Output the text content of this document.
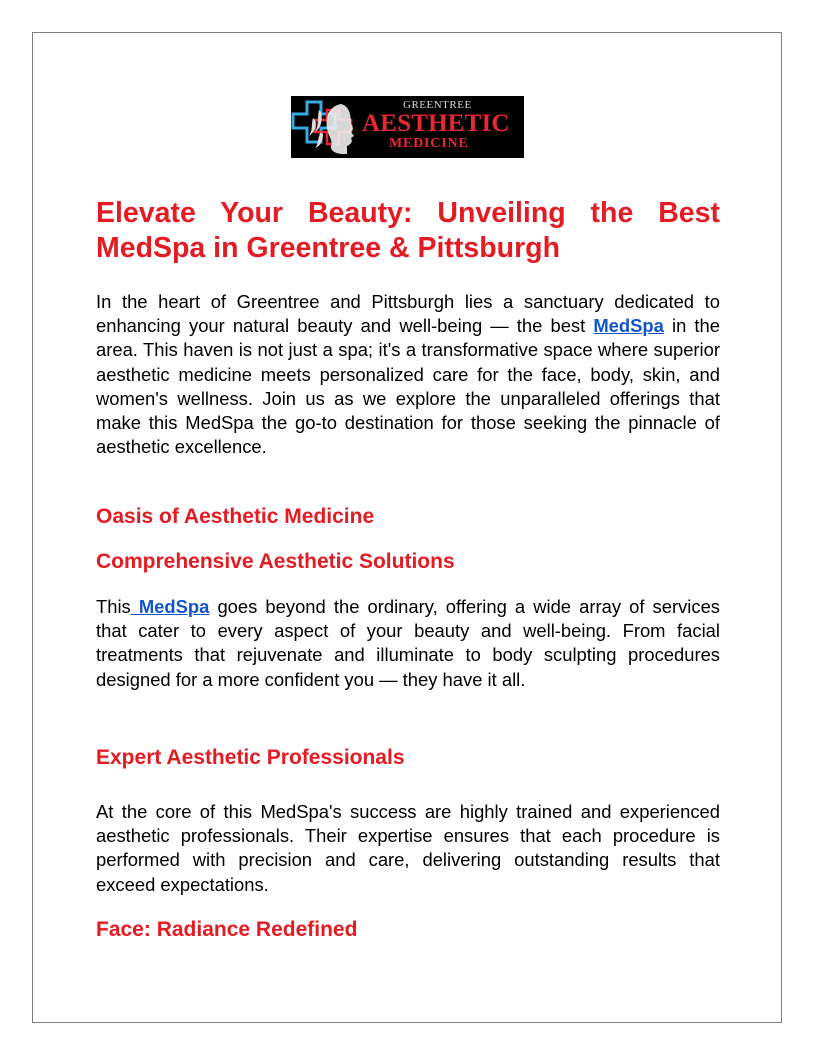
GREENTREE
AESTHETIC
MEDICINE
Elevate Your Beauty: Unveiling the Best MedSpa in Greentree & Pittsburgh

In the heart of Greentree and Pittsburgh lies a sanctuary dedicated to enhancing your natural beauty and well-being — the best MedSpa in the area. This haven is not just a spa; it's a transformative space where superior aesthetic medicine meets personalized care for the face, body, skin, and women's wellness. Join us as we explore the unparalleled offerings that make this MedSpa the go-to destination for those seeking the pinnacle of aesthetic excellence.

Oasis of Aesthetic Medicine
Comprehensive Aesthetic Solutions

This MedSpa goes beyond the ordinary, offering a wide array of services that cater to every aspect of your beauty and well-being. From facial treatments that rejuvenate and illuminate to body sculpting procedures designed for a more confident you — they have it all.

Expert Aesthetic Professionals

At the core of this MedSpa's success are highly trained and experienced aesthetic professionals. Their expertise ensures that each procedure is performed with precision and care, delivering outstanding results that exceed expectations.

Face: Radiance Redefined
